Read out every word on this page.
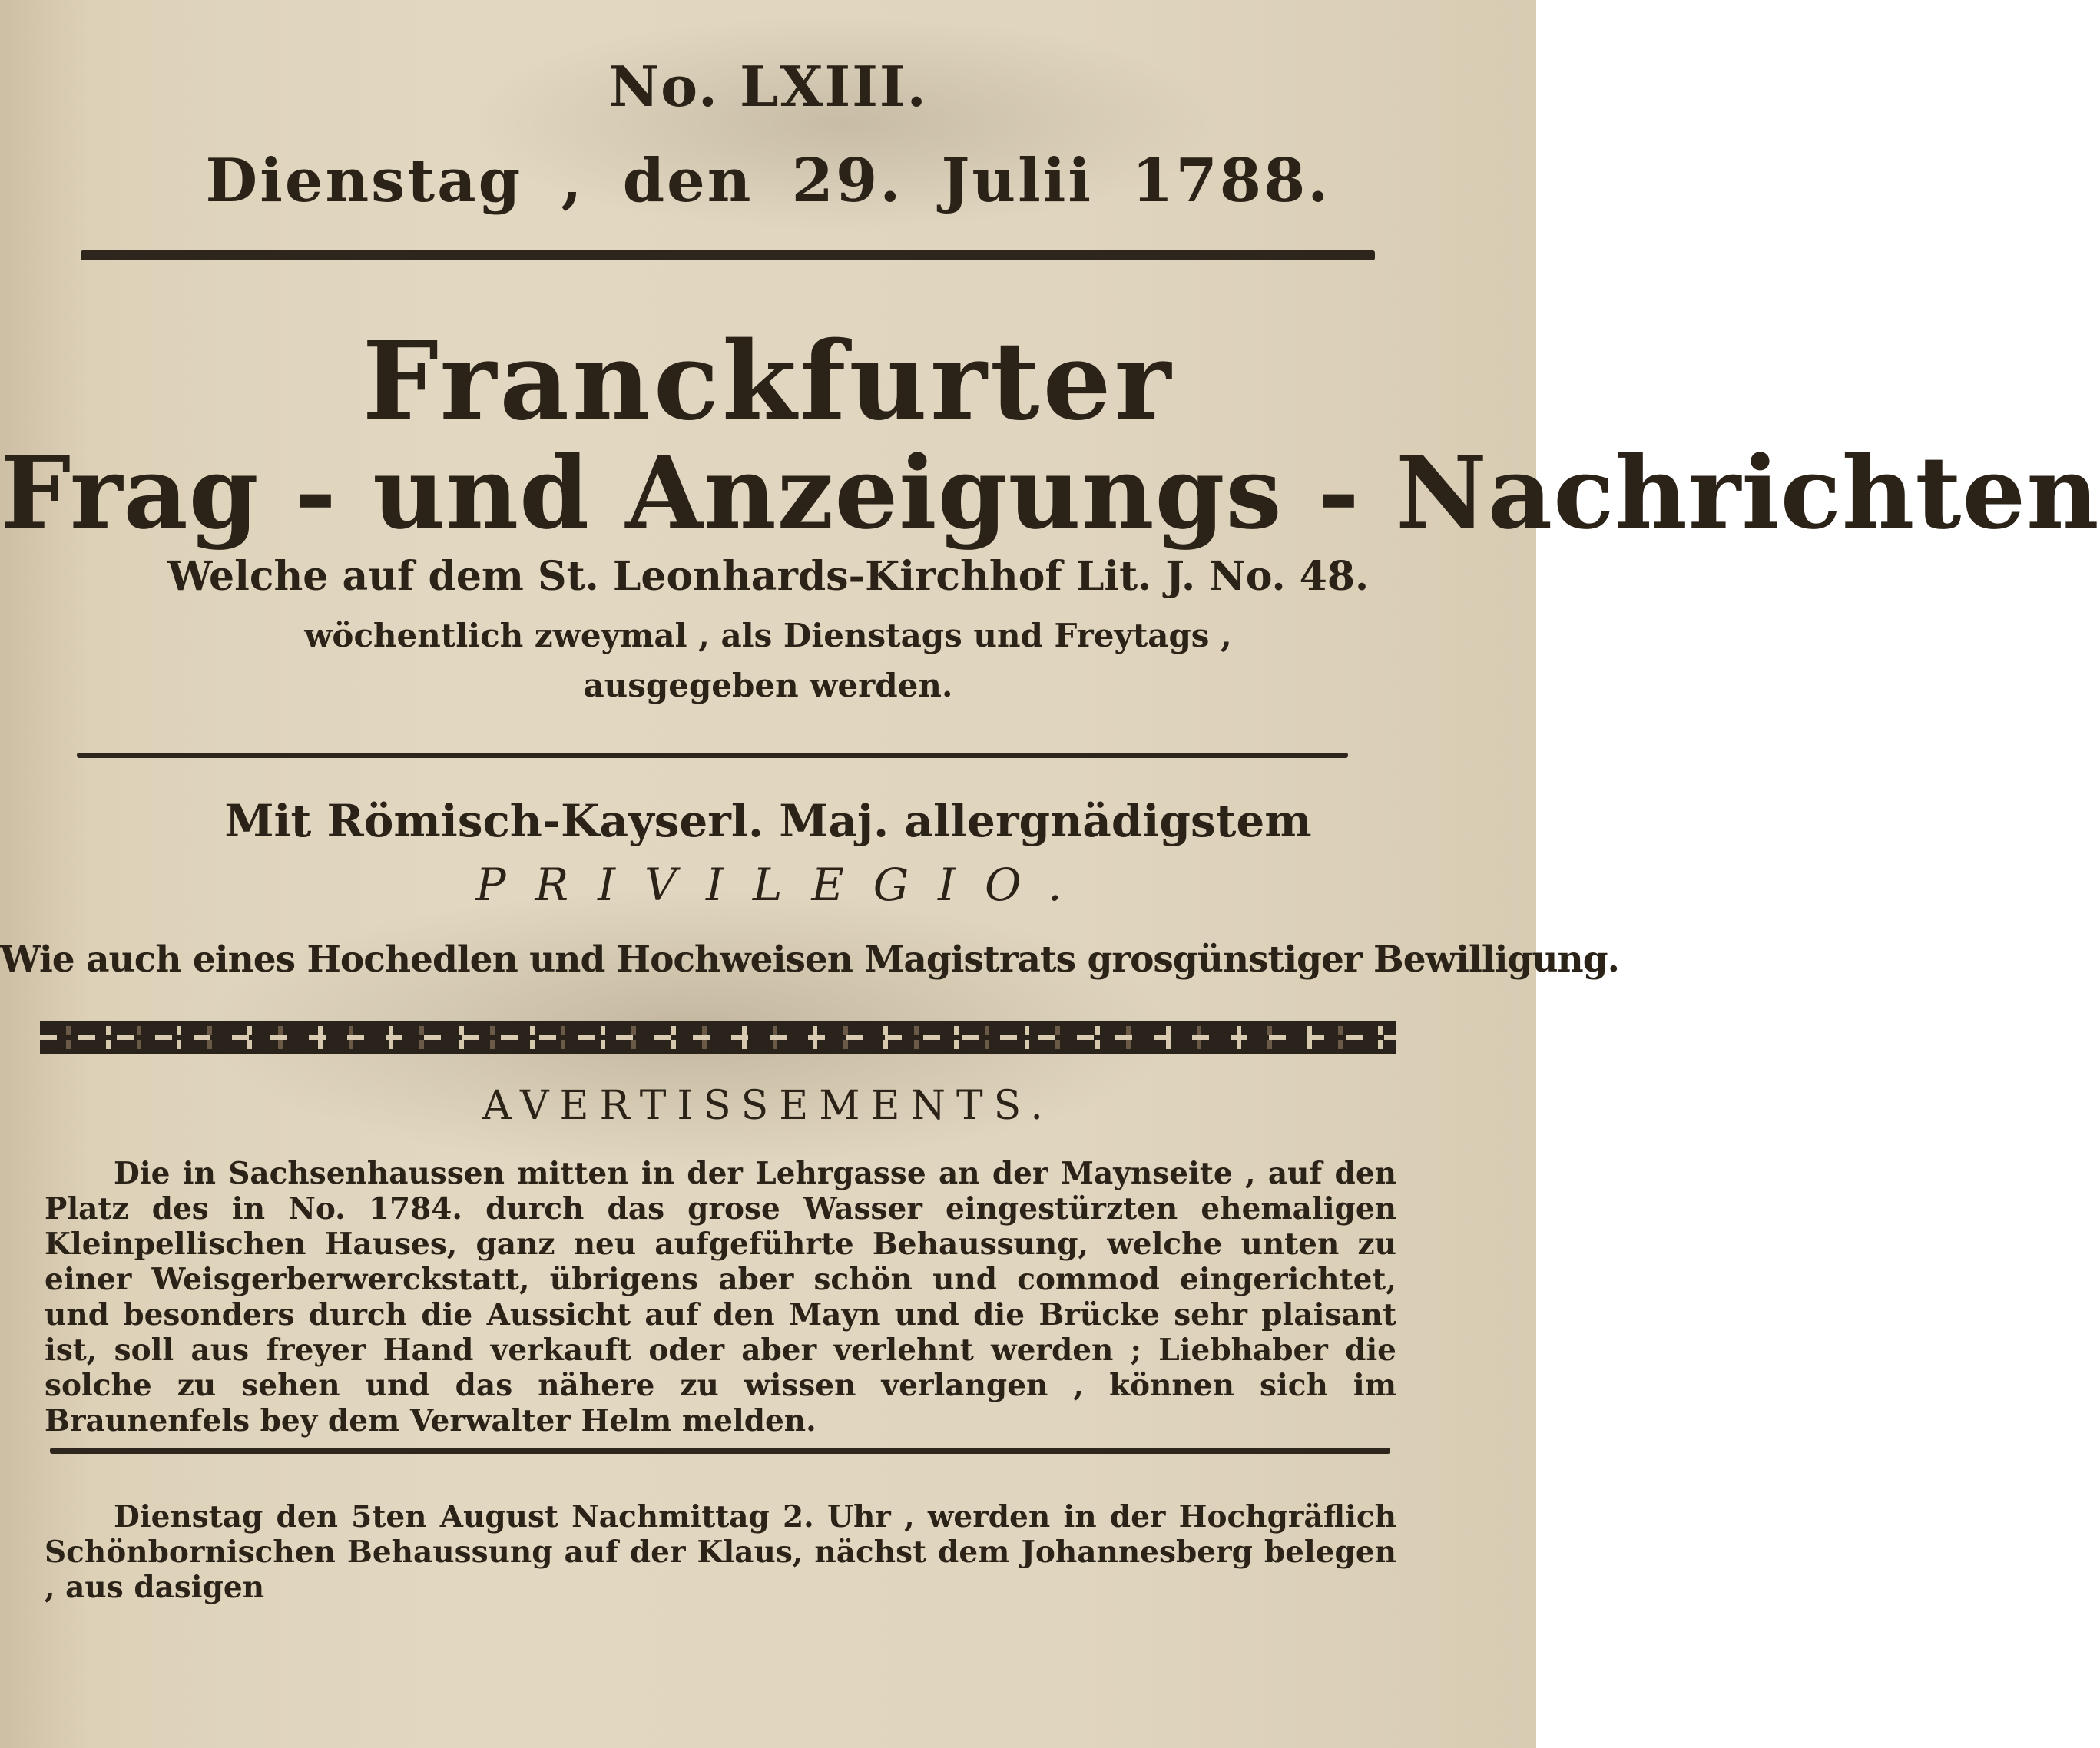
No. LXIII.
Dienstag , den 29. Julii 1788.
Franckfurter
Frag - und Anzeigungs - Nachrichten
Welche auf dem St. Leonhards-Kirchhof Lit. J. No. 48.
wöchentlich zweymal , als Dienstags und Freytags ,
ausgegeben werden.
Mit Römisch-Kayserl. Maj. allergnädigstem
PRIVILEGIO.
Wie auch eines Hochedlen und Hochweisen Magistrats grosgünstiger Bewilligung.
AVERTISSEMENTS.
Die in Sachsenhaussen mitten in der Lehrgasse an der Maynseite , auf den Platz des in No. 1784. durch das grose Wasser eingestürzten ehemaligen Kleinpellischen Hauses, ganz neu aufgeführte Behaussung, welche unten zu einer Weisgerberwerckstatt, übrigens aber schön und commod eingerichtet, und besonders durch die Aussicht auf den Mayn und die Brücke sehr plaisant ist, soll aus freyer Hand verkauft oder aber verlehnt werden ; Liebhaber die solche zu sehen und das nähere zu wissen verlangen , können sich im Braunenfels bey dem Verwalter Helm melden.
Dienstag den 5ten August Nachmittag 2. Uhr , werden in der Hochgräflich Schönbornischen Behaussung auf der Klaus, nächst dem Johannesberg belegen , aus dasigen
